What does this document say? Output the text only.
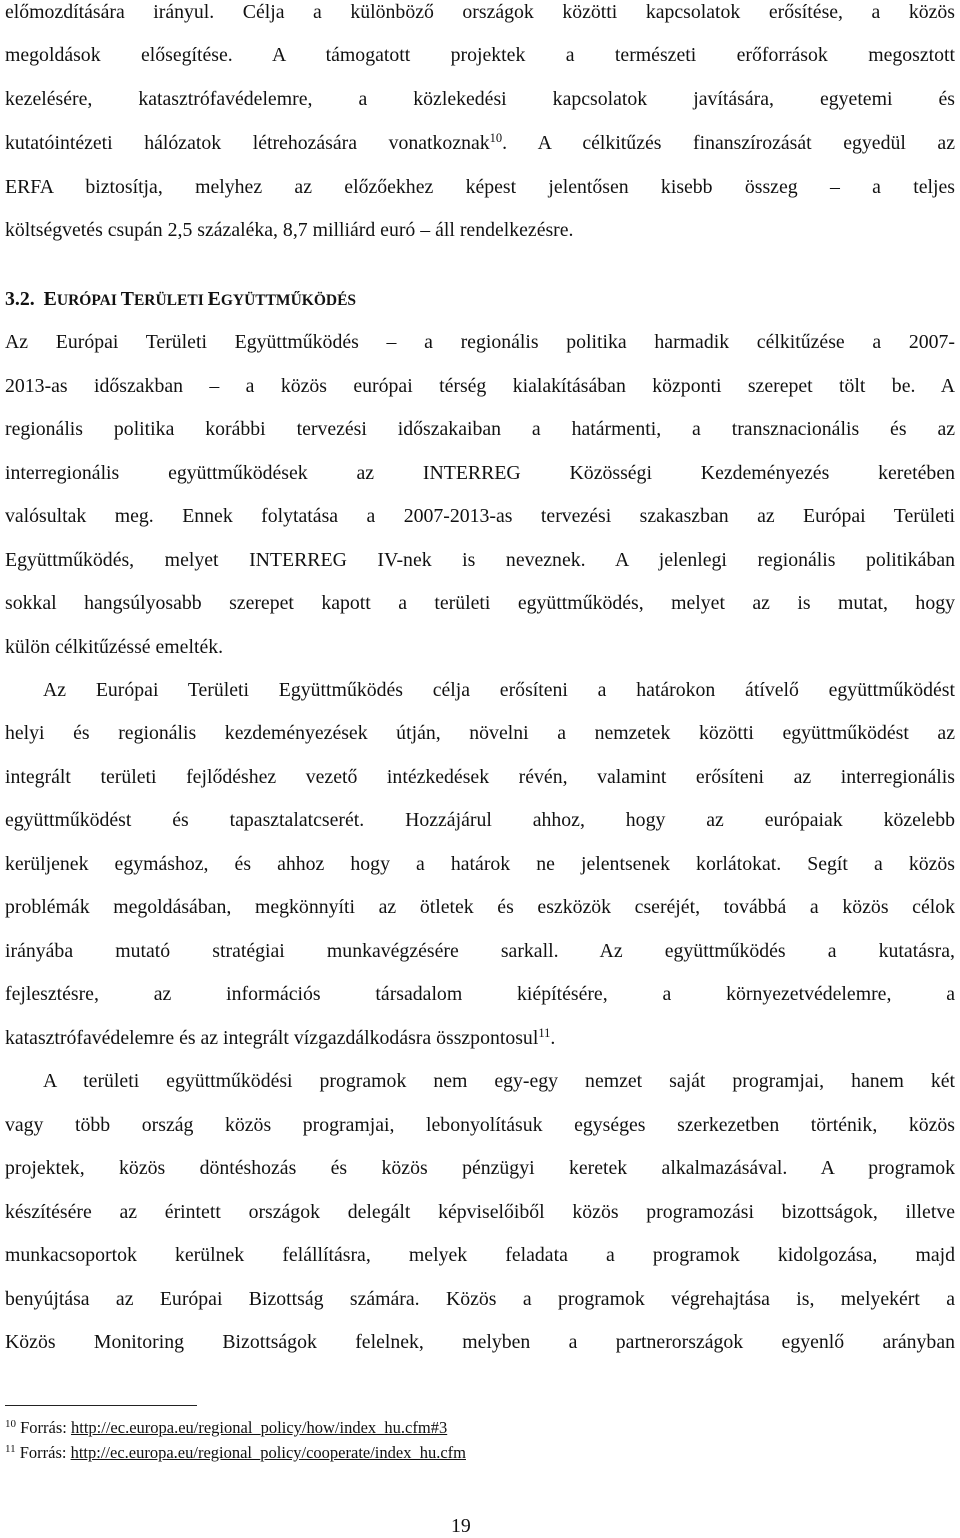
előmozdítására irányul. Célja a különböző országok közötti kapcsolatok erősítése, a közös
megoldások elősegítése. A támogatott projektek a természeti erőforrások megosztott
kezelésére, katasztrófavédelemre, a közlekedési kapcsolatok javítására, egyetemi és
kutatóintézeti hálózatok létrehozására vonatkoznak$^{10}$. A célkitűzés finanszírozását egyedül az
ERFA biztosítja, melyhez az előzőekhez képest jelentősen kisebb összeg – a teljes
költségvetés csupán 2,5 százaléka, 8,7 milliárd euró – áll rendelkezésre.
3.2. EURÓPAI TERÜLETI EGYÜTTMŰKÖDÉS
Az Európai Területi Együttműködés – a regionális politika harmadik célkitűzése a 2007-
2013-as időszakban – a közös európai térség kialakításában központi szerepet tölt be. A
regionális politika korábbi tervezési időszakaiban a határmenti, a transznacionális és az
interregionális együttműködések az INTERREG Közösségi Kezdeményezés keretében
valósultak meg. Ennek folytatása a 2007-2013-as tervezési szakaszban az Európai Területi
Együttműködés, melyet INTERREG IV-nek is neveznek. A jelenlegi regionális politikában
sokkal hangsúlyosabb szerepet kapott a területi együttműködés, melyet az is mutat, hogy
külön célkitűzéssé emelték.
Az Európai Területi Együttműködés célja erősíteni a határokon átívelő együttműködést
helyi és regionális kezdeményezések útján, növelni a nemzetek közötti együttműködést az
integrált területi fejlődéshez vezető intézkedések révén, valamint erősíteni az interregionális
együttműködést és tapasztalatcserét. Hozzájárul ahhoz, hogy az európaiak közelebb
kerüljenek egymáshoz, és ahhoz hogy a határok ne jelentsenek korlátokat. Segít a közös
problémák megoldásában, megkönnyíti az ötletek és eszközök cseréjét, továbbá a közös célok
irányába mutató stratégiai munkavégzésére sarkall. Az együttműködés a kutatásra,
fejlesztésre, az információs társadalom kiépítésére, a környezetvédelemre, a
katasztrófavédelemre és az integrált vízgazdálkodásra összpontosul$^{11}$.
A területi együttműködési programok nem egy-egy nemzet saját programjai, hanem két
vagy több ország közös programjai, lebonyolításuk egységes szerkezetben történik, közös
projektek, közös döntéshozás és közös pénzügyi keretek alkalmazásával. A programok
készítésére az érintett országok delegált képviselőiből közös programozási bizottságok, illetve
munkacsoportok kerülnek felállításra, melyek feladata a programok kidolgozása, majd
benyújtása az Európai Bizottság számára. Közös a programok végrehajtása is, melyekért a
Közös Monitoring Bizottságok felelnek, melyben a partnerországok egyenlő arányban
$^{10}$ Forrás: http://ec.europa.eu/regional_policy/how/index_hu.cfm#3
$^{11}$ Forrás: http://ec.europa.eu/regional_policy/cooperate/index_hu.cfm
19
